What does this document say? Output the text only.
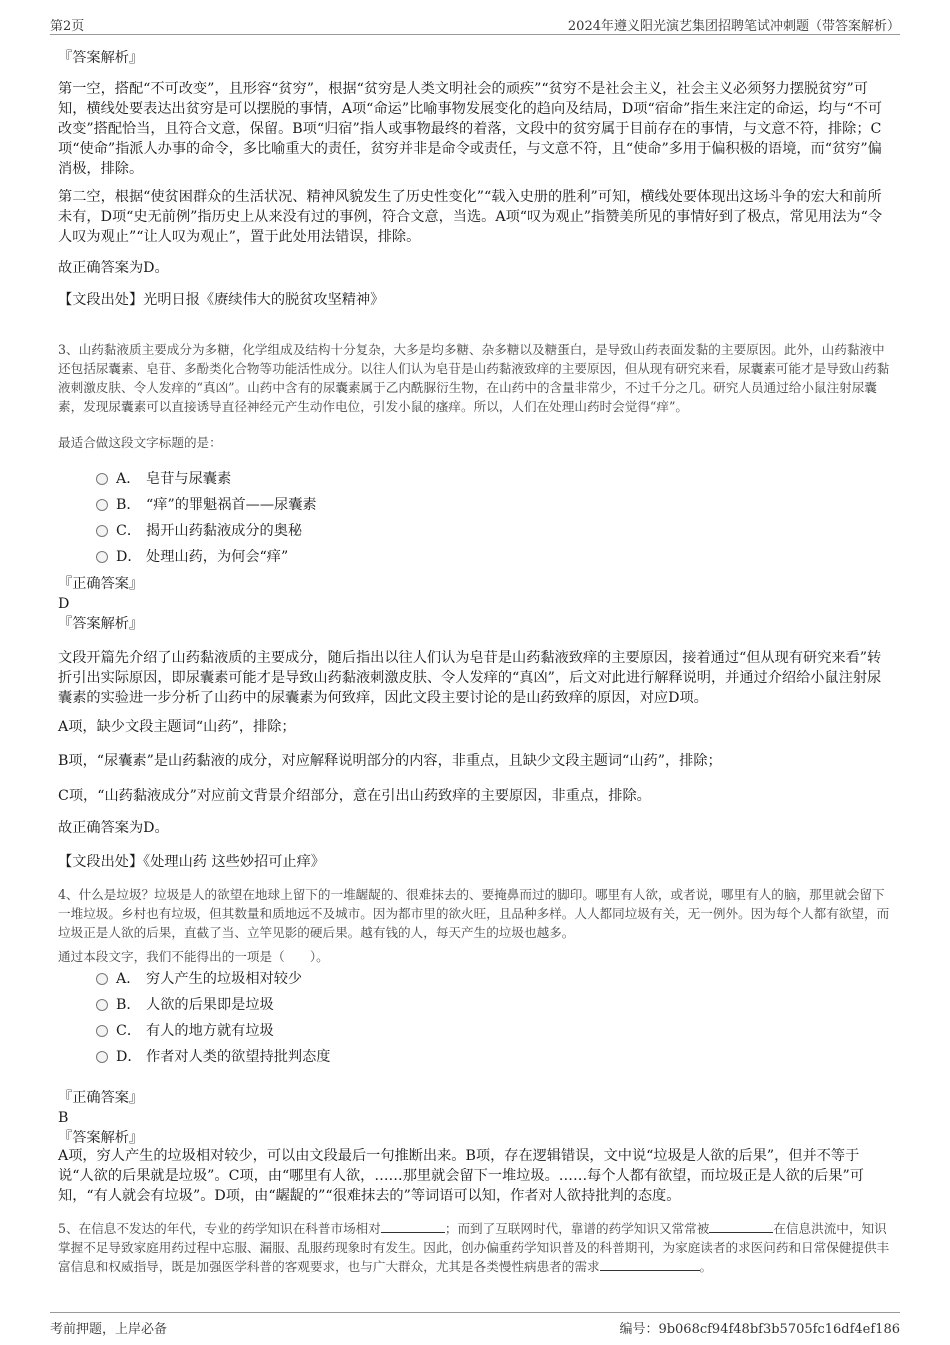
第2页	2024年遵义阳光演艺集团招聘笔试冲刺题（带答案解析）
『答案解析』
第一空，搭配“不可改变”，且形容“贫穷”，根据“贫穷是人类文明社会的顽疾”“贫穷不是社会主义，社会主义必须努力摆脱贫穷”可知，横线处要表达出贫穷是可以摆脱的事情，A项“命运”比喻事物发展变化的趋向及结局，D项“宿命”指生来注定的命运，均与“不可改变”搭配恰当，且符合文意，保留。B项“归宿”指人或事物最终的着落，文段中的贫穷属于目前存在的事情，与文意不符，排除；C项“使命”指派人办事的命令，多比喻重大的责任，贫穷并非是命令或责任，与文意不符，且“使命”多用于偏积极的语境，而“贫穷”偏消极，排除。
第二空，根据“使贫困群众的生活状况、精神风貌发生了历史性变化”“载入史册的胜利”可知，横线处要体现出这场斗争的宏大和前所未有，D项“史无前例”指历史上从来没有过的事例，符合文意，当选。A项“叹为观止”指赞美所见的事情好到了极点，常见用法为“令人叹为观止”“让人叹为观止”，置于此处用法错误，排除。
故正确答案为D。
【文段出处】光明日报《赓续伟大的脱贫攻坚精神》
3、山药黏液质主要成分为多糖，化学组成及结构十分复杂，大多是均多糖、杂多糖以及糖蛋白，是导致山药表面发黏的主要原因。此外，山药黏液中还包括尿囊素、皂苷、多酚类化合物等功能活性成分。以往人们认为皂苷是山药黏液致痒的主要原因，但从现有研究来看，尿囊素可能才是导致山药黏液刺激皮肤、令人发痒的“真凶”。山药中含有的尿囊素属于乙内酰脲衍生物，在山药中的含量非常少，不过千分之几。研究人员通过给小鼠注射尿囊素，发现尿囊素可以直接诱导直径神经元产生动作电位，引发小鼠的瘙痒。所以，人们在处理山药时会觉得“痒”。
最适合做这段文字标题的是：
A． 皂苷与尿囊素
B． “痒”的罪魁祸首——尿囊素
C． 揭开山药黏液成分的奥秘
D． 处理山药，为何会“痒”
『正确答案』
D
『答案解析』
文段开篇先介绍了山药黏液质的主要成分，随后指出以往人们认为皂苷是山药黏液致痒的主要原因，接着通过“但从现有研究来看”转折引出实际原因，即尿囊素可能才是导致山药黏液刺激皮肤、令人发痒的“真凶”，后文对此进行解释说明，并通过介绍给小鼠注射尿囊素的实验进一步分析了山药中的尿囊素为何致痒，因此文段主要讨论的是山药致痒的原因，对应D项。
A项，缺少文段主题词“山药”，排除；
B项，“尿囊素”是山药黏液的成分，对应解释说明部分的内容，非重点，且缺少文段主题词“山药”，排除；
C项，“山药黏液成分”对应前文背景介绍部分，意在引出山药致痒的主要原因，非重点，排除。
故正确答案为D。
【文段出处】《处理山药 这些妙招可止痒》
4、什么是垃圾？垃圾是人的欲望在地球上留下的一堆龌龊的、很难抹去的、要掩鼻而过的脚印。哪里有人欲，或者说，哪里有人的脑，那里就会留下一堆垃圾。乡村也有垃圾，但其数量和质地远不及城市。因为都市里的欲火旺，且品种多样。人人都同垃圾有关，无一例外。因为每个人都有欲望，而垃圾正是人欲的后果，直截了当、立竿见影的硬后果。越有钱的人，每天产生的垃圾也越多。
通过本段文字，我们不能得出的一项是（　　）。
A． 穷人产生的垃圾相对较少
B． 人欲的后果即是垃圾
C． 有人的地方就有垃圾
D． 作者对人类的欲望持批判态度
『正确答案』
B
『答案解析』
A项，穷人产生的垃圾相对较少，可以由文段最后一句推断出来。B项，存在逻辑错误，文中说“垃圾是人欲的后果”，但并不等于说“人欲的后果就是垃圾”。C项，由“哪里有人欲，……那里就会留下一堆垃圾。……每个人都有欲望，而垃圾正是人欲的后果”可知，“有人就会有垃圾”。D项，由“龌龊的”“很难抹去的”等词语可以知，作者对人欲持批判的态度。
5、在信息不发达的年代，专业的药学知识在科普市场相对	；而到了互联网时代，靠谱的药学知识又常常被	在信息洪流中，知识掌握不足导致家庭用药过程中忘服、漏服、乱服药现象时有发生。因此，创办偏重药学知识普及的科普期刊，为家庭读者的求医问药和日常保健提供丰富信息和权威指导，既是加强医学科普的客观要求，也与广大群众，尤其是各类慢性病患者的需求	。
考前押题，上岸必备	编号：9b068cf94f48bf3b5705fc16df4ef186
